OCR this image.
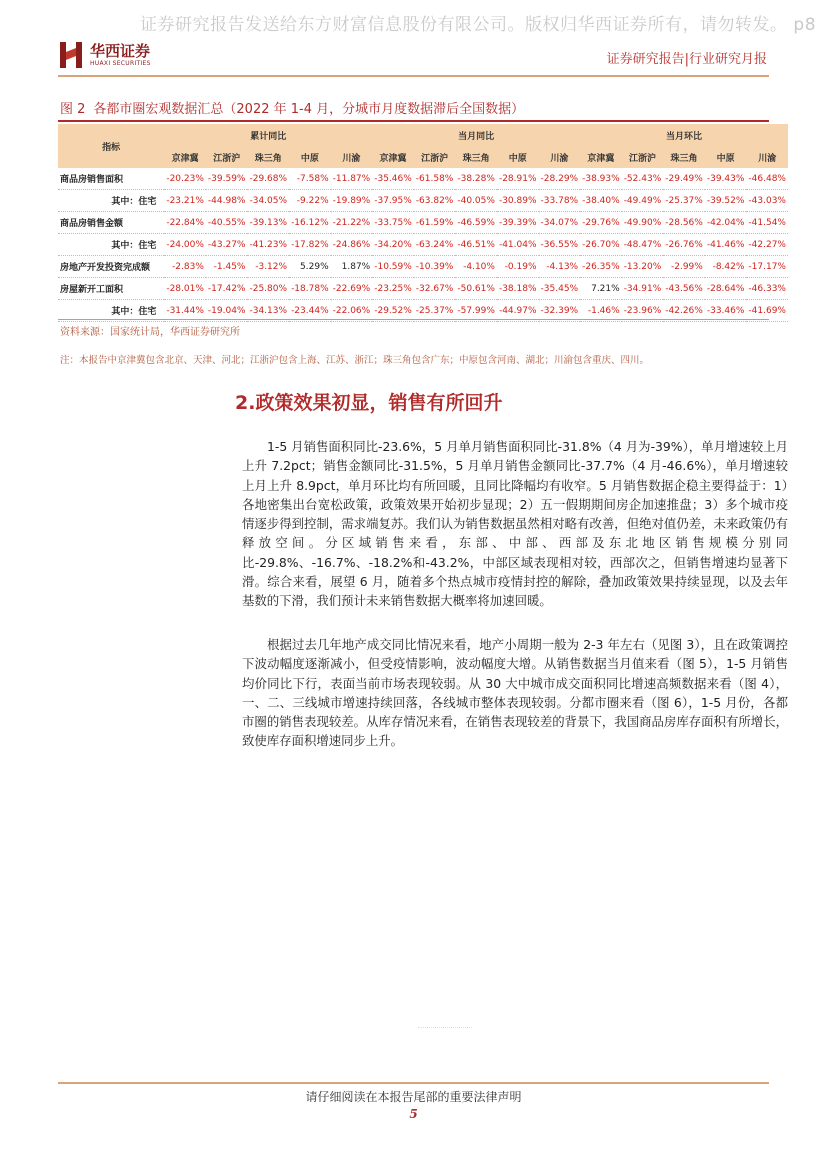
证券研究报告发送给东方财富信息股份有限公司。版权归华西证券所有，请勿转发。 p8
华西证券
HUAXI SECURITIES	证券研究报告|行业研究月报
图 2 各都市圈宏观数据汇总（2022 年 1-4 月，分城市月度数据滞后全国数据）
指标	累计同比					当月同比					当月环比				
	京津冀	江浙沪	珠三角	中原	川渝	京津冀	江浙沪	珠三角	中原	川渝	京津冀	江浙沪	珠三角	中原	川渝
商品房销售面积	-20.23%	-39.59%	-29.68%	-7.58%	-11.87%	-35.46%	-61.58%	-38.28%	-28.91%	-28.29%	-38.93%	-52.43%	-29.49%	-39.43%	-46.48%
其中：住宅	-23.21%	-44.98%	-34.05%	-9.22%	-19.89%	-37.95%	-63.82%	-40.05%	-30.89%	-33.78%	-38.40%	-49.49%	-25.37%	-39.52%	-43.03%
商品房销售金额	-22.84%	-40.55%	-39.13%	-16.12%	-21.22%	-33.75%	-61.59%	-46.59%	-39.39%	-34.07%	-29.76%	-49.90%	-28.56%	-42.04%	-41.54%
其中：住宅	-24.00%	-43.27%	-41.23%	-17.82%	-24.86%	-34.20%	-63.24%	-46.51%	-41.04%	-36.55%	-26.70%	-48.47%	-26.76%	-41.46%	-42.27%
房地产开发投资完成额	-2.83%	-1.45%	-3.12%	5.29%	1.87%	-10.59%	-10.39%	-4.10%	-0.19%	-4.13%	-26.35%	-13.20%	-2.99%	-8.42%	-17.17%
房屋新开工面积	-28.01%	-17.42%	-25.80%	-18.78%	-22.69%	-23.25%	-32.67%	-50.61%	-38.18%	-35.45%	7.21%	-34.91%	-43.56%	-28.64%	-46.33%
其中：住宅	-31.44%	-19.04%	-34.13%	-23.44%	-22.06%	-29.52%	-25.37%	-57.99%	-44.97%	-32.39%	-1.46%	-23.96%	-42.26%	-33.46%	-41.69%
资料来源：国家统计局，华西证券研究所
注：本报告中京津冀包含北京、天津、河北；江浙沪包含上海、江苏、浙江；珠三角包含广东；中原包含河南、湖北；川渝包含重庆、四川。
2.政策效果初显，销售有所回升

1-5 月销售面积同比-23.6%，5 月单月销售面积同比-31.8%（4 月为-39%），单月增速较上月上升 7.2pct；销售金额同比-31.5%，5 月单月销售金额同比-37.7%（4 月-46.6%），单月增速较上月上升 8.9pct，单月环比均有所回暖，且同比降幅均有收窄。5 月销售数据企稳主要得益于：1）各地密集出台宽松政策，政策效果开始初步显现；2）五一假期期间房企加速推盘；3）多个城市疫情逐步得到控制，需求端复苏。我们认为销售数据虽然相对略有改善，但绝对值仍差，未来政策仍有释放空间。分区域销售来看，东部、中部、西部及东北地区销售规模分别同比-29.8%、-16.7%、-18.2%和-43.2%，中部区域表现相对较，西部次之，但销售增速均显著下滑。综合来看，展望 6 月，随着多个热点城市疫情封控的解除，叠加政策效果持续显现，以及去年基数的下滑，我们预计未来销售数据大概率将加速回暖。

根据过去几年地产成交同比情况来看，地产小周期一般为 2-3 年左右（见图 3），且在政策调控下波动幅度逐渐减小，但受疫情影响，波动幅度大增。从销售数据当月值来看（图 5），1-5 月销售均价同比下行，表面当前市场表现较弱。从 30 大中城市成交面积同比增速高频数据来看（图 4），一、二、三线城市增速持续回落，各线城市整体表现较弱。分都市圈来看（图 6），1-5 月份，各都市圈的销售表现较差。从库存情况来看，在销售表现较差的背景下，我国商品房库存面积有所增长，致使库存面积增速同步上升。

请仔细阅读在本报告尾部的重要法律声明
5
